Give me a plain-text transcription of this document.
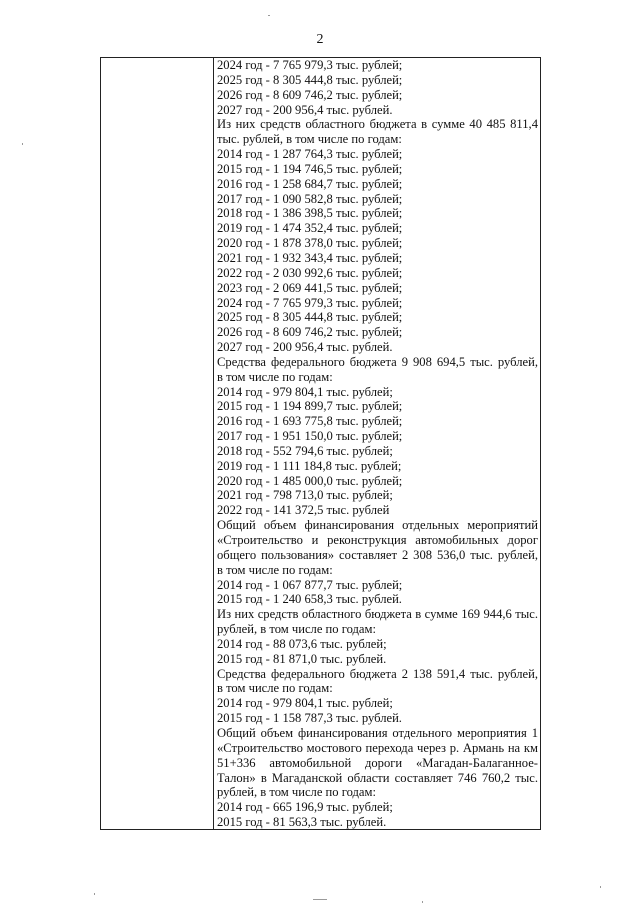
2
2024 год - 7 765 979,3 тыс. рублей;
2025 год - 8 305 444,8 тыс. рублей;
2026 год - 8 609 746,2 тыс. рублей;
2027 год - 200 956,4 тыс. рублей.
Из них средств областного бюджета в сумме 40 485 811,4
тыс. рублей, в том числе по годам:
2014 год - 1 287 764,3 тыс. рублей;
2015 год - 1 194 746,5 тыс. рублей;
2016 год - 1 258 684,7 тыс. рублей;
2017 год - 1 090 582,8 тыс. рублей;
2018 год - 1 386 398,5 тыс. рублей;
2019 год - 1 474 352,4 тыс. рублей;
2020 год - 1 878 378,0 тыс. рублей;
2021 год - 1 932 343,4 тыс. рублей;
2022 год - 2 030 992,6 тыс. рублей;
2023 год - 2 069 441,5 тыс. рублей;
2024 год - 7 765 979,3 тыс. рублей;
2025 год - 8 305 444,8 тыс. рублей;
2026 год - 8 609 746,2 тыс. рублей;
2027 год - 200 956,4 тыс. рублей.
Средства федерального бюджета 9 908 694,5 тыс. рублей,
в том числе по годам:
2014 год - 979 804,1 тыс. рублей;
2015 год - 1 194 899,7 тыс. рублей;
2016 год - 1 693 775,8 тыс. рублей;
2017 год - 1 951 150,0 тыс. рублей;
2018 год - 552 794,6 тыс. рублей;
2019 год - 1 111 184,8 тыс. рублей;
2020 год - 1 485 000,0 тыс. рублей;
2021 год - 798 713,0 тыс. рублей;
2022 год - 141 372,5 тыс. рублей
Общий объем финансирования отдельных мероприятий
«Строительство и реконструкция автомобильных дорог
общего пользования» составляет 2 308 536,0 тыс. рублей,
в том числе по годам:
2014 год - 1 067 877,7 тыс. рублей;
2015 год - 1 240 658,3 тыс. рублей.
Из них средств областного бюджета в сумме 169 944,6 тыс.
рублей, в том числе по годам:
2014 год - 88 073,6 тыс. рублей;
2015 год - 81 871,0 тыс. рублей.
Средства федерального бюджета 2 138 591,4 тыс. рублей,
в том числе по годам:
2014 год - 979 804,1 тыс. рублей;
2015 год - 1 158 787,3 тыс. рублей.
Общий объем финансирования отдельного мероприятия 1
«Строительство мостового перехода через р. Армань на км
51+336 автомобильной дороги «Магадан-Балаганное-
Талон» в Магаданской области составляет 746 760,2 тыс.
рублей, в том числе по годам:
2014 год - 665 196,9 тыс. рублей;
2015 год - 81 563,3 тыс. рублей.
